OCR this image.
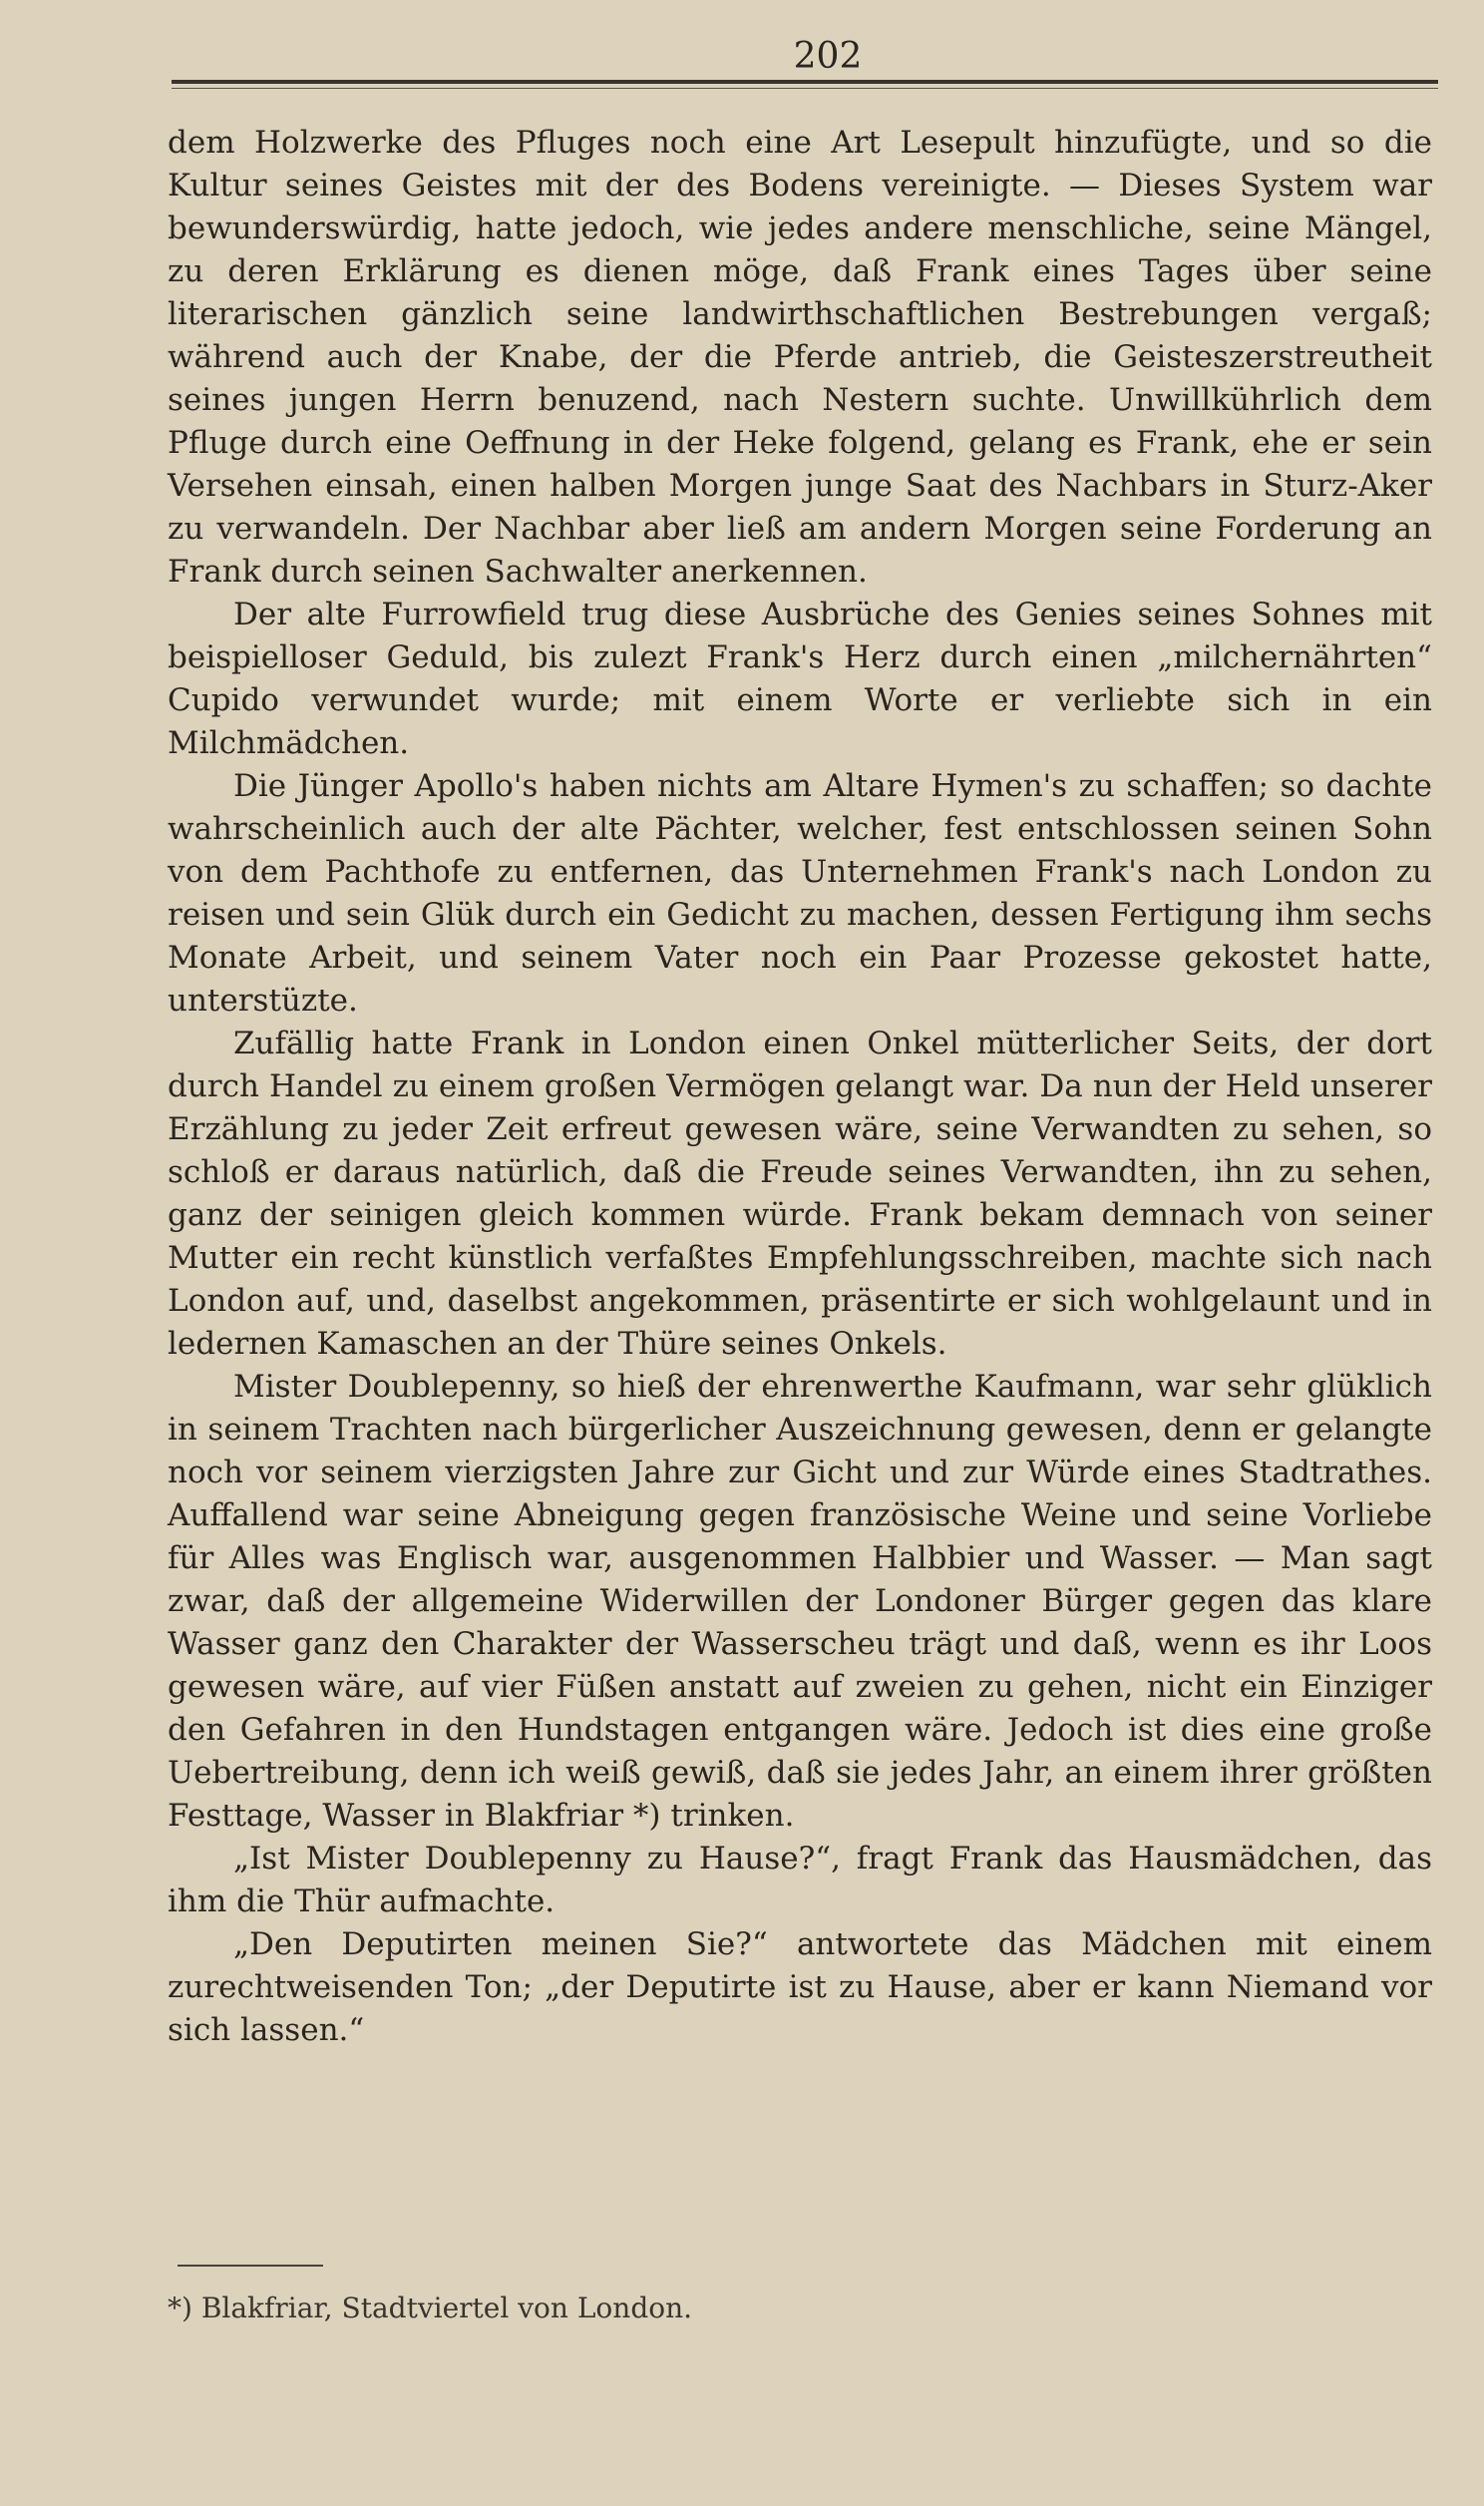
202

dem Holzwerke des Pfluges noch eine Art Lesepult hinzufügte, und so die Kultur seines Geistes mit der des Bodens vereinigte. — Dieses System war bewunderswürdig, hatte jedoch, wie jedes andere menschliche, seine Mängel, zu deren Erklärung es dienen möge, daß Frank eines Tages über seine literarischen gänzlich seine landwirthschaftlichen Bestrebungen vergaß; während auch der Knabe, der die Pferde antrieb, die Geisteszerstreutheit seines jungen Herrn benuzend, nach Nestern suchte. Unwillkührlich dem Pfluge durch eine Oeffnung in der Heke folgend, gelang es Frank, ehe er sein Versehen einsah, einen halben Morgen junge Saat des Nachbars in Sturz-Aker zu verwandeln. Der Nachbar aber ließ am andern Morgen seine Forderung an Frank durch seinen Sachwalter anerkennen.

Der alte Furrowfield trug diese Ausbrüche des Genies seines Sohnes mit beispielloser Geduld, bis zulezt Frank's Herz durch einen „milchernährten“ Cupido verwundet wurde; mit einem Worte er verliebte sich in ein Milchmädchen.

Die Jünger Apollo's haben nichts am Altare Hymen's zu schaffen; so dachte wahrscheinlich auch der alte Pächter, welcher, fest entschlossen seinen Sohn von dem Pachthofe zu entfernen, das Unternehmen Frank's nach London zu reisen und sein Glük durch ein Gedicht zu machen, dessen Fertigung ihm sechs Monate Arbeit, und seinem Vater noch ein Paar Prozesse gekostet hatte, unterstüzte.

Zufällig hatte Frank in London einen Onkel mütterlicher Seits, der dort durch Handel zu einem großen Vermögen gelangt war. Da nun der Held unserer Erzählung zu jeder Zeit erfreut gewesen wäre, seine Verwandten zu sehen, so schloß er daraus natürlich, daß die Freude seines Verwandten, ihn zu sehen, ganz der seinigen gleich kommen würde. Frank bekam demnach von seiner Mutter ein recht künstlich verfaßtes Empfehlungsschreiben, machte sich nach London auf, und, daselbst angekommen, präsentirte er sich wohlgelaunt und in ledernen Kamaschen an der Thüre seines Onkels.

Mister Doublepenny, so hieß der ehrenwerthe Kaufmann, war sehr glüklich in seinem Trachten nach bürgerlicher Auszeichnung gewesen, denn er gelangte noch vor seinem vierzigsten Jahre zur Gicht und zur Würde eines Stadtrathes. Auffallend war seine Abneigung gegen französische Weine und seine Vorliebe für Alles was Englisch war, ausgenommen Halbbier und Wasser. — Man sagt zwar, daß der allgemeine Widerwillen der Londoner Bürger gegen das klare Wasser ganz den Charakter der Wasserscheu trägt und daß, wenn es ihr Loos gewesen wäre, auf vier Füßen anstatt auf zweien zu gehen, nicht ein Einziger den Gefahren in den Hundstagen entgangen wäre. Jedoch ist dies eine große Uebertreibung, denn ich weiß gewiß, daß sie jedes Jahr, an einem ihrer größten Festtage, Wasser in Blakfriar *) trinken.

„Ist Mister Doublepenny zu Hause?“, fragt Frank das Hausmädchen, das ihm die Thür aufmachte.

„Den Deputirten meinen Sie?“ antwortete das Mädchen mit einem zurechtweisenden Ton; „der Deputirte ist zu Hause, aber er kann Niemand vor sich lassen.“

*) Blakfriar, Stadtviertel von London.
